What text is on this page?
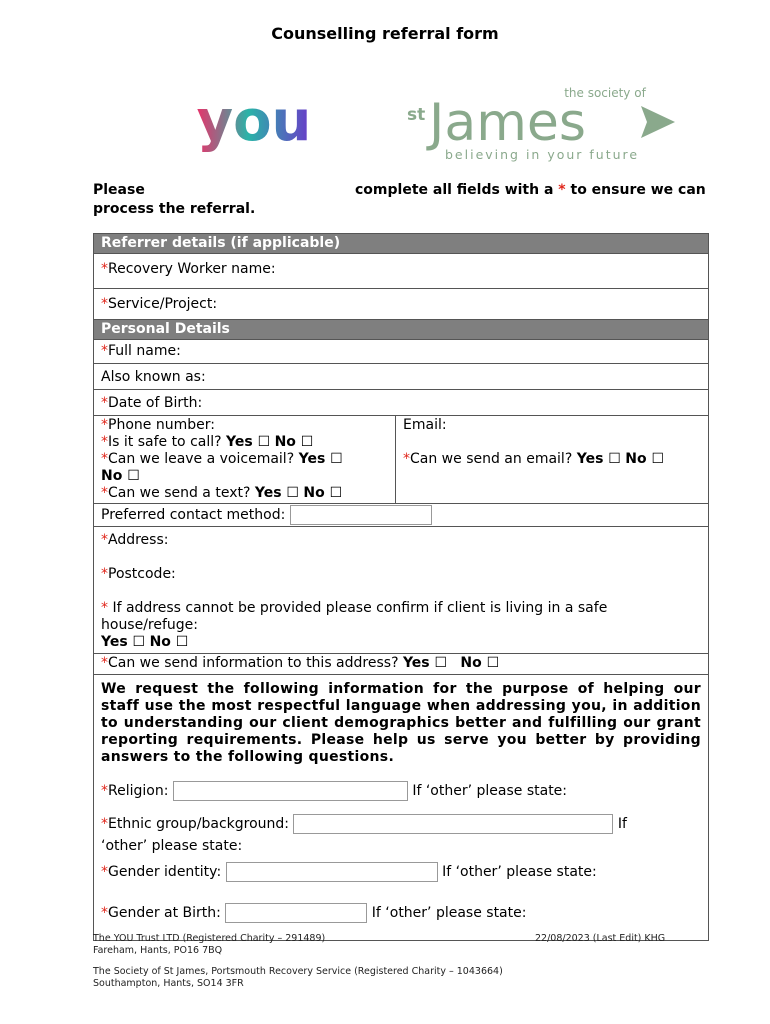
Counselling referral form
you	the society of
st James
believing in your future
Please	complete all fields with a * to ensure we can
process the referral.
Referrer details (if applicable)
*Recovery Worker name:
*Service/Project:
Personal Details
*Full name:
Also known as:
*Date of Birth:

*Phone number:
*Is it safe to call? Yes ☐ No ☐
*Can we leave a voicemail? Yes ☐
No ☐
*Can we send a text? Yes ☐ No ☐

Email:
*Can we send an email? Yes ☐ No ☐

Preferred contact method:

*Address:
*Postcode:
* If address cannot be provided please confirm if client is living in a safe house/refuge:
Yes ☐ No ☐

*Can we send information to this address? Yes ☐ No ☐

We request the following information for the purpose of helping our staff use the most respectful language when addressing you, in addition to understanding our client demographics better and fulfilling our grant reporting requirements. Please help us serve you better by providing answers to the following questions.
*Religion:	If ‘other’ please state:
*Ethnic group/background:	If

‘other’ please state:
*Gender identity:	If ‘other’ please state:
*Gender at Birth:	If ‘other’ please state:
The YOU Trust LTD (Registered Charity – 291489)
Fareham, Hants, PO16 7BQ
22/08/2023 (Last Edit) KHG
The Society of St James, Portsmouth Recovery Service (Registered Charity – 1043664)
Southampton, Hants, SO14 3FR
